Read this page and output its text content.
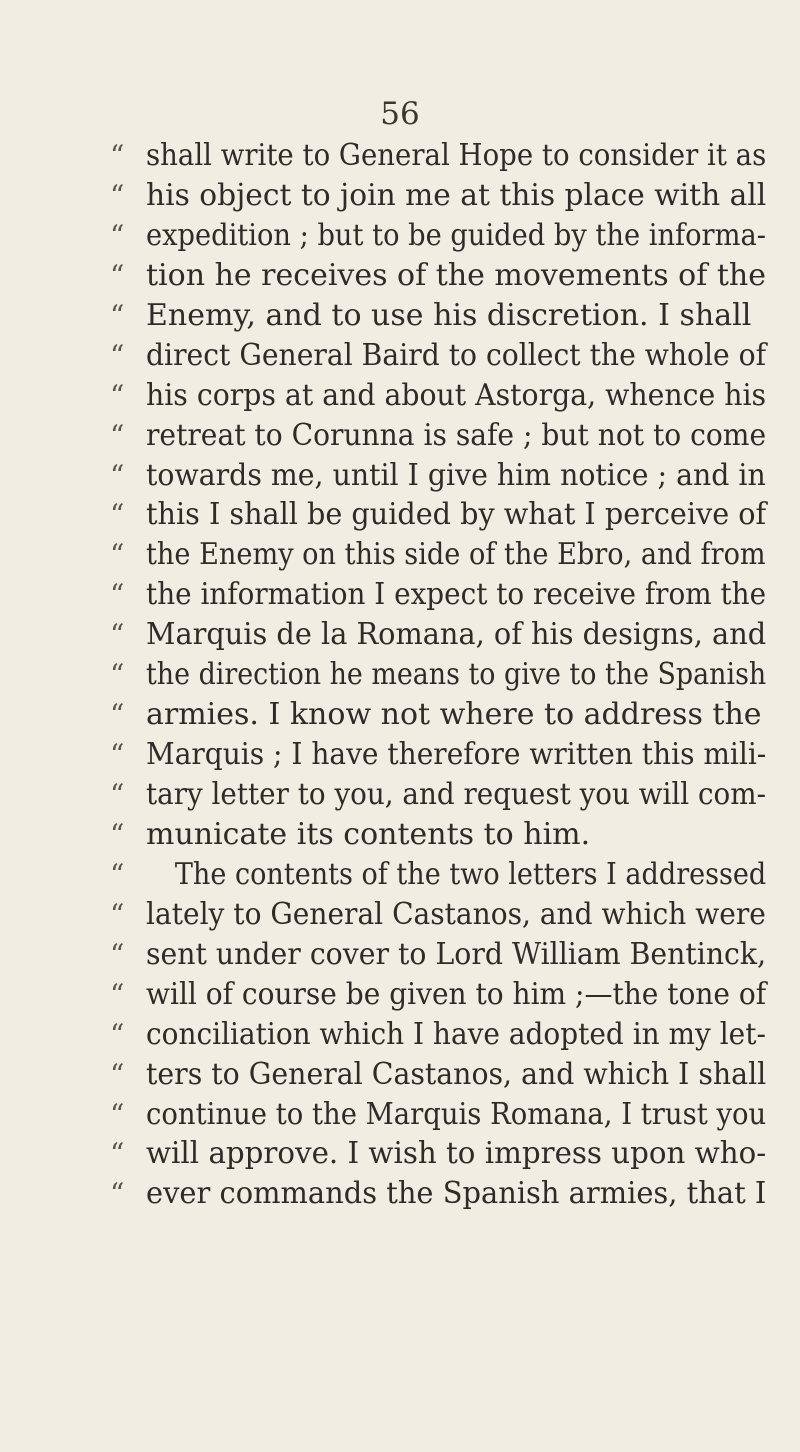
56
“ shall write to General Hope to consider it as
“ his object to join me at this place with all
“ expedition ; but to be guided by the informa-
“ tion he receives of the movements of the
“ Enemy, and to use his discretion. I shall
“ direct General Baird to collect the whole of
“ his corps at and about Astorga, whence his
“ retreat to Corunna is safe ; but not to come
“ towards me, until I give him notice ; and in
“ this I shall be guided by what I perceive of
“ the Enemy on this side of the Ebro, and from
“ the information I expect to receive from the
“ Marquis de la Romana, of his designs, and
“ the direction he means to give to the Spanish
“ armies. I know not where to address the
“ Marquis ; I have therefore written this mili-
“ tary letter to you, and request you will com-
“ municate its contents to him.
“	The contents of the two letters I addressed
“ lately to General Castanos, and which were
“ sent under cover to Lord William Bentinck,
“ will of course be given to him ;—the tone of
“ conciliation which I have adopted in my let-
“ ters to General Castanos, and which I shall
“ continue to the Marquis Romana, I trust you
“ will approve. I wish to impress upon who-
“ ever commands the Spanish armies, that I
